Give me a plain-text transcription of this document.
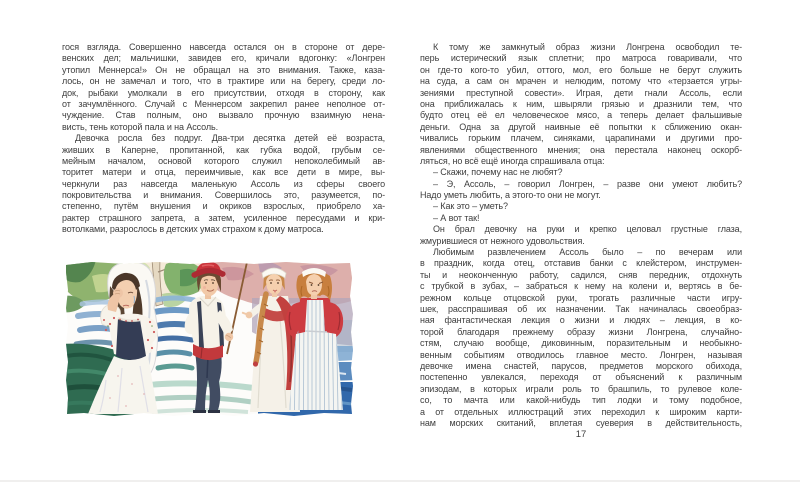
гося взгляда. Совершенно навсегда остался он в стороне от дере-
венских дел; мальчишки, завидев его, кричали вдогонку: «Лонгрен
утопил Меннерса!» Он не обращал на это внимания. Также, каза-
лось, он не замечал и того, что в трактире или на берегу, среди ло-
док, рыбаки умолкали в его присутствии, отходя в сторону, как
от зачумлённого. Случай с Меннерсом закрепил ранее неполное от-
чуждение. Став полным, оно вызвало прочную взаимную нена-
висть, тень которой пала и на Ассоль.
Девочка росла без подруг. Два-три десятка детей её возраста,
живших в Каперне, пропитанной, как губка водой, грубым се-
мейным началом, основой которого служил непоколебимый ав-
торитет матери и отца, переимчивые, как все дети в мире, вы-
черкнули раз навсегда маленькую Ассоль из сферы своего
покровительства и внимания. Совершилось это, разумеется, по-
степенно, путём внушения и окриков взрослых, приобрело ха-
рактер страшного запрета, а затем, усиленное пересудами и кри-
вотолками, разрослось в детских умах страхом к дому матроса.
К тому же замкнутый образ жизни Лонгрена освободил те-
перь истерический язык сплетни; про матроса говаривали, что
он где-то кого-то убил, оттого, мол, его больше не берут служить
на суда, а сам он мрачен и нелюдим, потому что «терзается угры-
зениями преступной совести». Играя, дети гнали Ассоль, если
она приближалась к ним, швыряли грязью и дразнили тем, что
будто отец её ел человеческое мясо, а теперь делает фальшивые
деньги. Одна за другой наивные её попытки к сближению окан-
чивались горьким плачем, синяками, царапинами и другими про-
явлениями общественного мнения; она перестала наконец оскорб-
ляться, но всё ещё иногда спрашивала отца:
– Скажи, почему нас не любят?
– Э, Ассоль, – говорил Лонгрен, – разве они умеют любить?
Надо уметь любить, а этого-то они не могут.
– Как это – уметь?
– А вот так!
Он брал девочку на руки и крепко целовал грустные глаза,
жмурившиеся от нежного удовольствия.
Любимым развлечением Ассоль было – по вечерам или
в праздник, когда отец, отставив банки с клейстером, инструмен-
ты и неоконченную работу, садился, сняв передник, отдохнуть
с трубкой в зубах, – забраться к нему на колени и, вертясь в бе-
режном кольце отцовской руки, трогать различные части игру-
шек, расспрашивая об их назначении. Так начиналась своеобраз-
ная фантастическая лекция о жизни и людях – лекция, в ко-
торой благодаря прежнему образу жизни Лонгрена, случайно-
стям, случаю вообще, диковинным, поразительным и необыкно-
венным событиям отводилось главное место. Лонгрен, называя
девочке имена снастей, парусов, предметов морского обихода,
постепенно увлекался, переходя от объяснений к различным
эпизодам, в которых играли роль то брашпиль, то рулевое коле-
со, то мачта или какой-нибудь тип лодки и тому подобное,
а от отдельных иллюстраций этих переходил к широким карти-
нам морских скитаний, вплетая суеверия в действительность,
17
